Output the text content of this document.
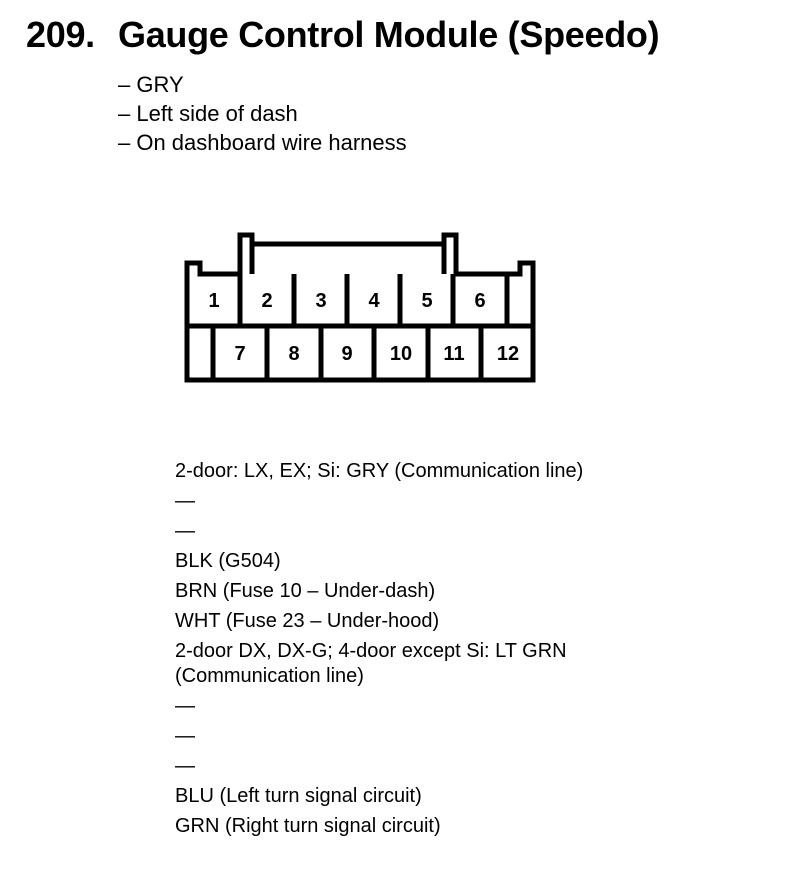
209. Gauge Control Module (Speedo)
– GRY
– Left side of dash
– On dashboard wire harness
1 2 3 4 5 6
7 8 9 10 11 12
2-door: LX, EX; Si: GRY (Communication line)
—
—
BLK (G504)
BRN (Fuse 10 – Under-dash)
WHT (Fuse 23 – Under-hood)
2-door DX, DX-G; 4-door except Si: LT GRN
(Communication line)
—
—
—
BLU (Left turn signal circuit)
GRN (Right turn signal circuit)
